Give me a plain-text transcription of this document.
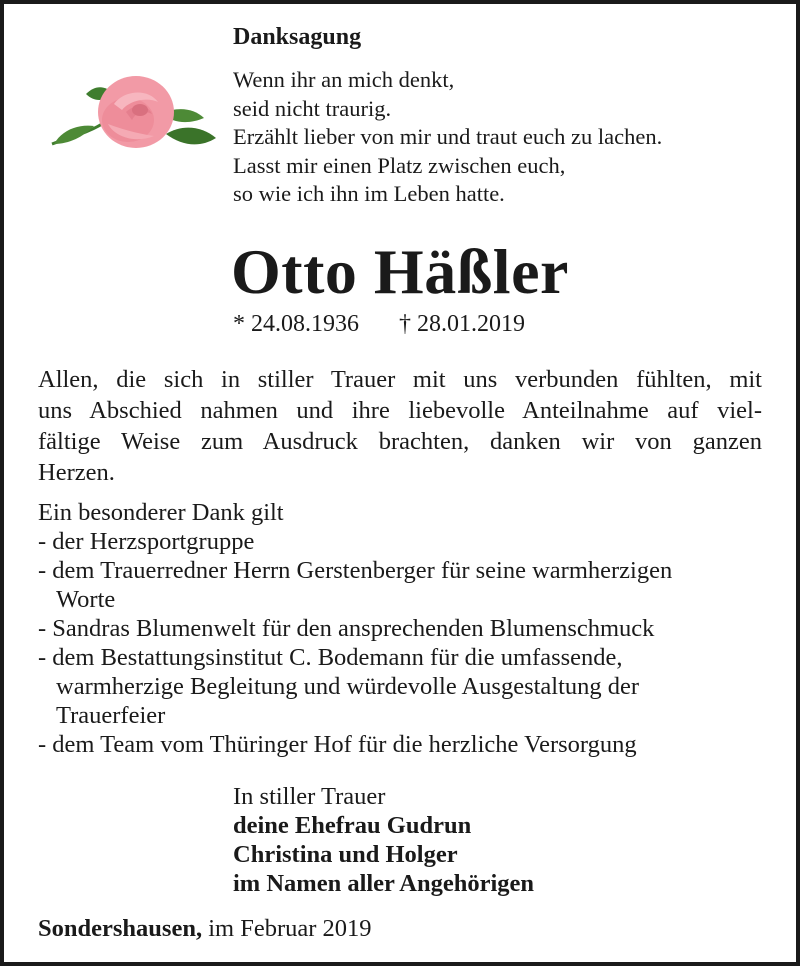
Danksagung
Wenn ihr an mich denkt,
seid nicht traurig.
Erzählt lieber von mir und traut euch zu lachen.
Lasst mir einen Platz zwischen euch,
so wie ich ihn im Leben hatte.
Otto Häßler
* 24.08.1936 † 28.01.2019
Allen, die sich in stiller Trauer mit uns verbunden fühlten, mit
uns Abschied nahmen und ihre liebevolle Anteilnahme auf viel-
fältige Weise zum Ausdruck brachten, danken wir von ganzen
Herzen.
Ein besonderer Dank gilt
- der Herzsportgruppe
- dem Trauerredner Herrn Gerstenberger für seine warmherzigen
Worte
- Sandras Blumenwelt für den ansprechenden Blumenschmuck
- dem Bestattungsinstitut C. Bodemann für die umfassende,
warmherzige Begleitung und würdevolle Ausgestaltung der
Trauerfeier
- dem Team vom Thüringer Hof für die herzliche Versorgung
In stiller Trauer
deine Ehefrau Gudrun
Christina und Holger
im Namen aller Angehörigen
Sondershausen, im Februar 2019
